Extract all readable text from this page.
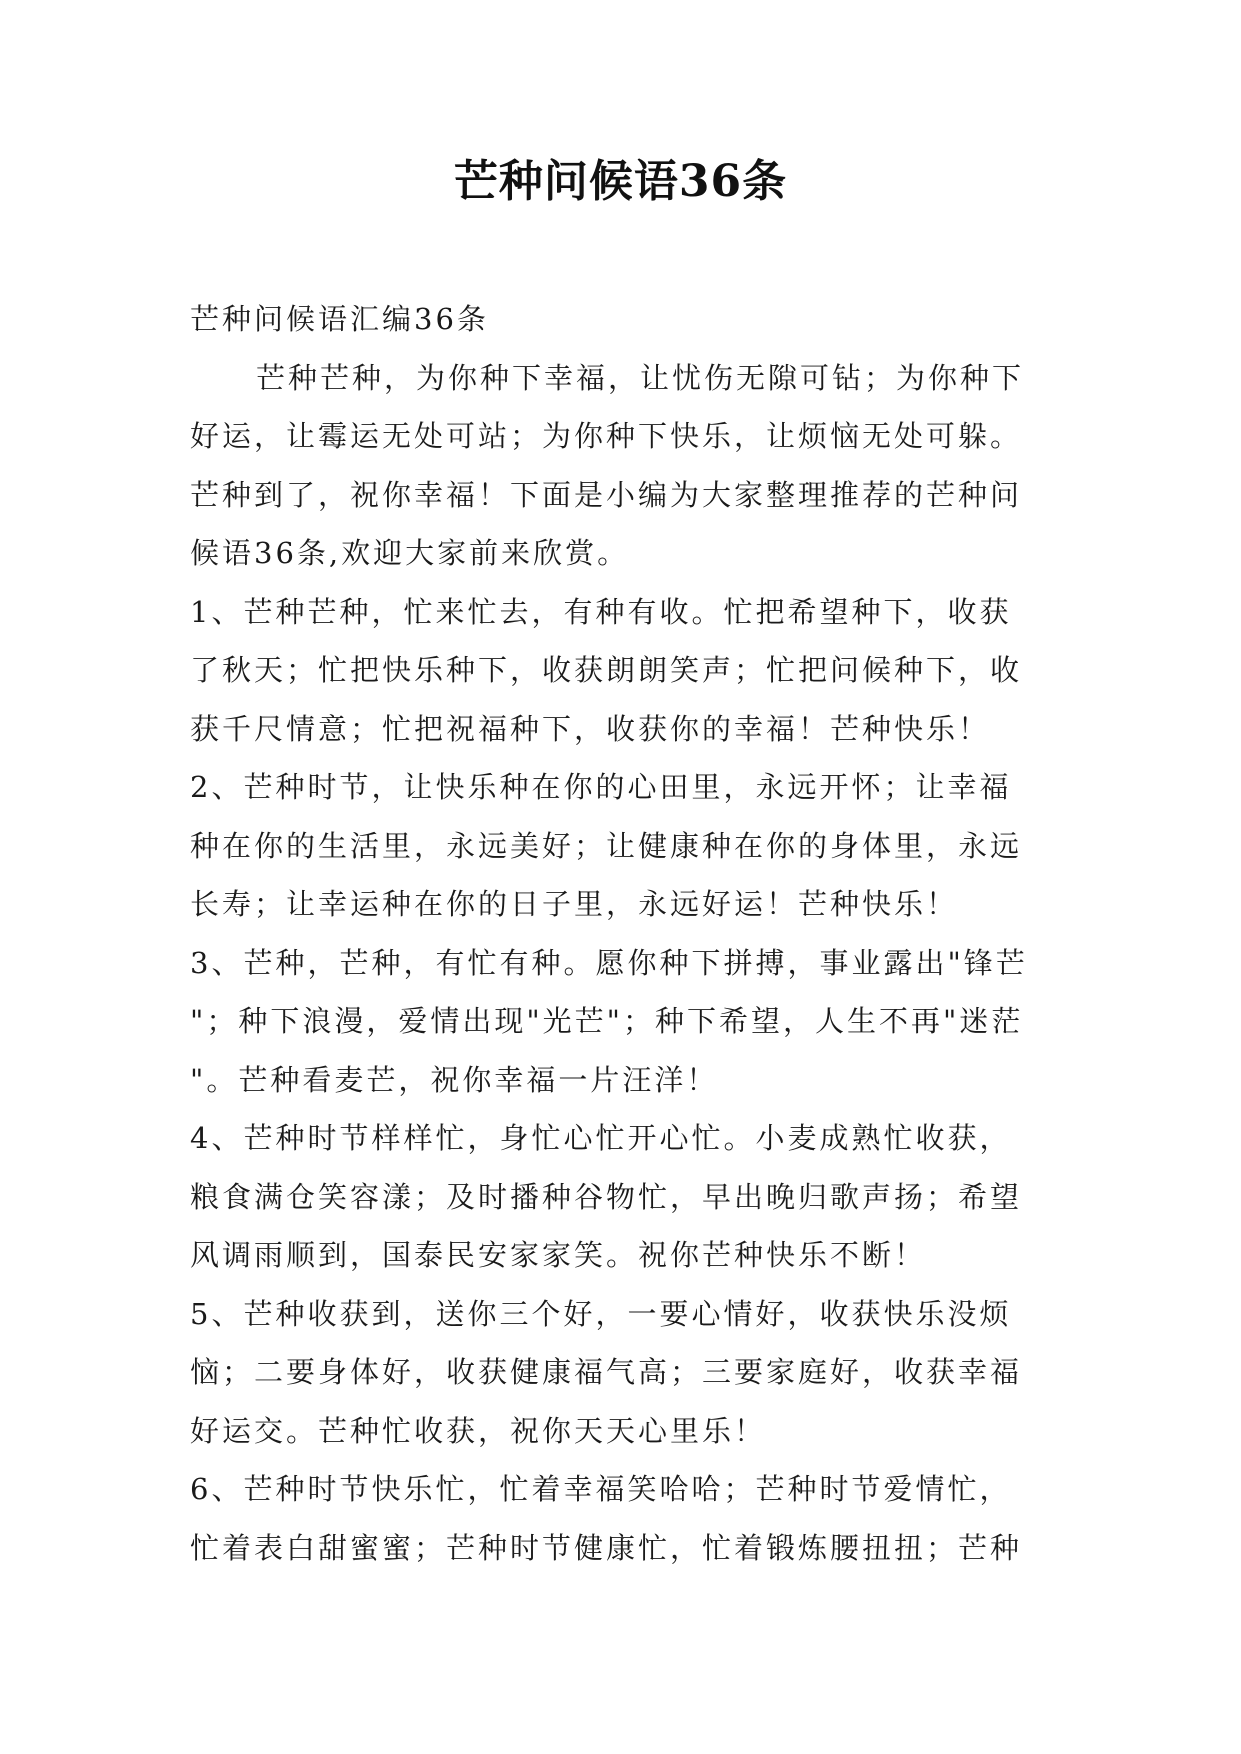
芒种问候语36条
芒种问候语汇编36条
芒种芒种，为你种下幸福，让忧伤无隙可钻；为你种下
好运，让霉运无处可站；为你种下快乐，让烦恼无处可躲。
芒种到了，祝你幸福！下面是小编为大家整理推荐的芒种问
候语36条,欢迎大家前来欣赏。
1、芒种芒种，忙来忙去，有种有收。忙把希望种下，收获
了秋天；忙把快乐种下，收获朗朗笑声；忙把问候种下，收
获千尺情意；忙把祝福种下，收获你的幸福！芒种快乐！
2、芒种时节，让快乐种在你的心田里，永远开怀；让幸福
种在你的生活里，永远美好；让健康种在你的身体里，永远
长寿；让幸运种在你的日子里，永远好运！芒种快乐！
3、芒种，芒种，有忙有种。愿你种下拼搏，事业露出"锋芒
"；种下浪漫，爱情出现"光芒"；种下希望，人生不再"迷茫
"。芒种看麦芒，祝你幸福一片汪洋！
4、芒种时节样样忙，身忙心忙开心忙。小麦成熟忙收获，
粮食满仓笑容漾；及时播种谷物忙，早出晚归歌声扬；希望
风调雨顺到，国泰民安家家笑。祝你芒种快乐不断！
5、芒种收获到，送你三个好，一要心情好，收获快乐没烦
恼；二要身体好，收获健康福气高；三要家庭好，收获幸福
好运交。芒种忙收获，祝你天天心里乐！
6、芒种时节快乐忙，忙着幸福笑哈哈；芒种时节爱情忙，
忙着表白甜蜜蜜；芒种时节健康忙，忙着锻炼腰扭扭；芒种
